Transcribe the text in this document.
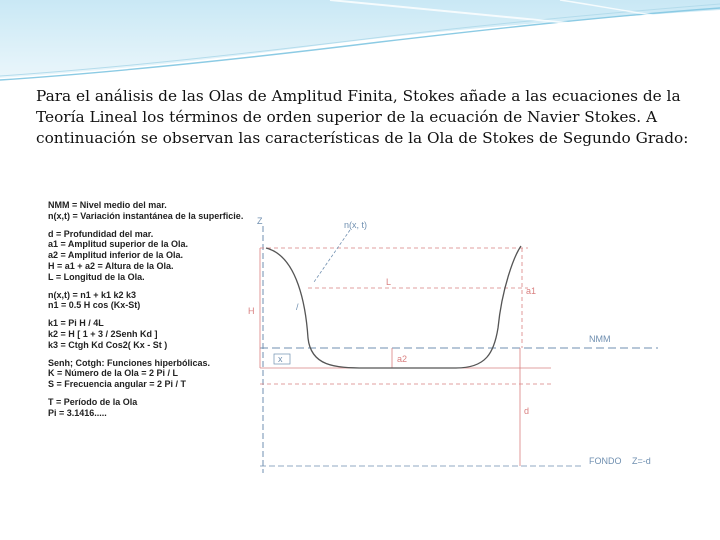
Para el análisis de las Olas de Amplitud Finita, Stokes añade a las ecuaciones de la Teoría Lineal los términos de orden superior de la ecuación de Navier Stokes. A continuación se observan las características de la Ola de Stokes de Segundo Grado:

Z
H
a1
a2
d
L
n(x, t)
/
x
NMM
FONDO Z=-d
NMM = Nivel medio del mar.
n(x,t) = Variación instantánea de la superficie.
d = Profundidad del mar.
a1 = Amplitud superior de la Ola.
a2 = Amplitud inferior de la Ola.
H = a1 + a2 = Altura de la Ola.
L = Longitud de la Ola.
n(x,t) = n1 + k1 k2 k3
n1 = 0.5 H cos (Kx-St)
k1 = Pi H / 4L
k2 = H [ 1 + 3 / 2Senh Kd ]
k3 = Ctgh Kd Cos2( Kx - St )
Senh; Cotgh: Funciones hiperbólicas.
K = Número de la Ola = 2 Pi / L
S = Frecuencia angular = 2 Pi / T
T = Período de la Ola
Pi = 3.1416.....
